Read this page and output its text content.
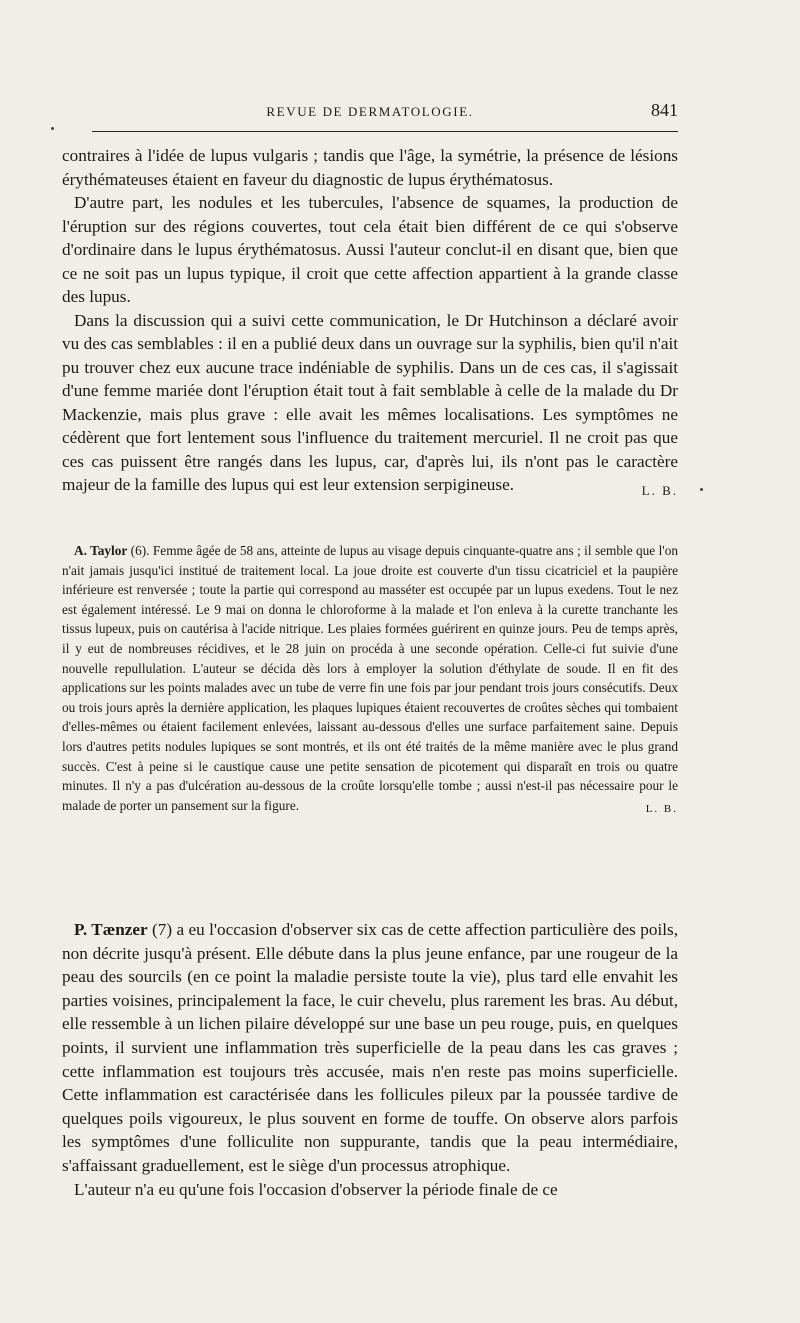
REVUE DE DERMATOLOGIE.	841

contraires à l'idée de lupus vulgaris ; tandis que l'âge, la symétrie, la présence de lésions érythémateuses étaient en faveur du diagnostic de lupus érythématosus.

D'autre part, les nodules et les tubercules, l'absence de squames, la production de l'éruption sur des régions couvertes, tout cela était bien différent de ce qui s'observe d'ordinaire dans le lupus érythématosus. Aussi l'auteur conclut-il en disant que, bien que ce ne soit pas un lupus typique, il croit que cette affection appartient à la grande classe des lupus.

Dans la discussion qui a suivi cette communication, le Dr Hutchinson a déclaré avoir vu des cas semblables : il en a publié deux dans un ouvrage sur la syphilis, bien qu'il n'ait pu trouver chez eux aucune trace indéniable de syphilis. Dans un de ces cas, il s'agissait d'une femme mariée dont l'éruption était tout à fait semblable à celle de la malade du Dr Mackenzie, mais plus grave : elle avait les mêmes localisations. Les symptômes ne cédèrent que fort lentement sous l'influence du traitement mercuriel. Il ne croit pas que ces cas puissent être rangés dans les lupus, car, d'après lui, ils n'ont pas le caractère majeur de la famille des lupus qui est leur extension serpigineuse.	L. B.

A. Taylor (6). Femme âgée de 58 ans, atteinte de lupus au visage depuis cinquante-quatre ans ; il semble que l'on n'ait jamais jusqu'ici institué de traitement local. La joue droite est couverte d'un tissu cicatriciel et la paupière inférieure est renversée ; toute la partie qui correspond au masséter est occupée par un lupus exedens. Tout le nez est également intéressé. Le 9 mai on donna le chloroforme à la malade et l'on enleva à la curette tranchante les tissus lupeux, puis on cautérisa à l'acide nitrique. Les plaies formées guérirent en quinze jours. Peu de temps après, il y eut de nombreuses récidives, et le 28 juin on procéda à une seconde opération. Celle-ci fut suivie d'une nouvelle repullulation. L'auteur se décida dès lors à employer la solution d'éthylate de soude. Il en fit des applications sur les points malades avec un tube de verre fin une fois par jour pendant trois jours consécutifs. Deux ou trois jours après la dernière application, les plaques lupiques étaient recouvertes de croûtes sèches qui tombaient d'elles-mêmes ou étaient facilement enlevées, laissant au-dessous d'elles une surface parfaitement saine. Depuis lors d'autres petits nodules lupiques se sont montrés, et ils ont été traités de la même manière avec le plus grand succès. C'est à peine si le caustique cause une petite sensation de picotement qui disparaît en trois ou quatre minutes. Il n'y a pas d'ulcération au-dessous de la croûte lorsqu'elle tombe ; aussi n'est-il pas nécessaire pour le malade de porter un pansement sur la figure.	L. B.

P. Tænzer (7) a eu l'occasion d'observer six cas de cette affection particulière des poils, non décrite jusqu'à présent. Elle débute dans la plus jeune enfance, par une rougeur de la peau des sourcils (en ce point la maladie persiste toute la vie), plus tard elle envahit les parties voisines, principalement la face, le cuir chevelu, plus rarement les bras. Au début, elle ressemble à un lichen pilaire développé sur une base un peu rouge, puis, en quelques points, il survient une inflammation très superficielle de la peau dans les cas graves ; cette inflammation est toujours très accusée, mais n'en reste pas moins superficielle. Cette inflammation est caractérisée dans les follicules pileux par la poussée tardive de quelques poils vigoureux, le plus souvent en forme de touffe. On observe alors parfois les symptômes d'une folliculite non suppurante, tandis que la peau intermédiaire, s'affaissant graduellement, est le siège d'un processus atrophique.

L'auteur n'a eu qu'une fois l'occasion d'observer la période finale de ce
